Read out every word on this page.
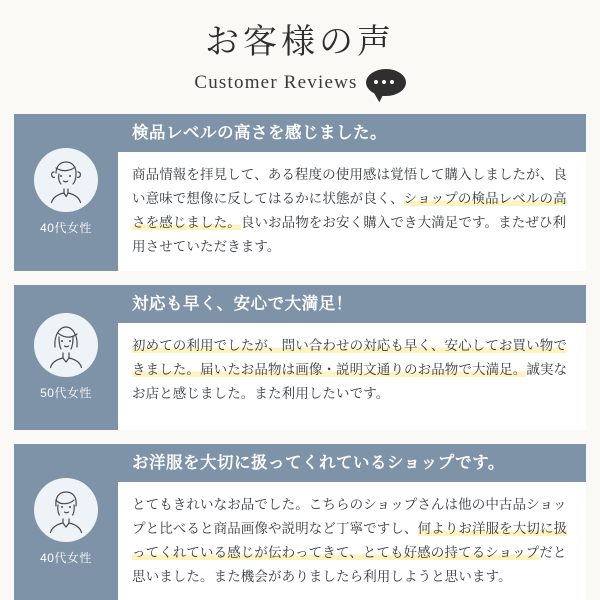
お客様の声
Customer Reviews
40代女性
検品レベルの高さを感じました。
商品情報を拝見して、ある程度の使用感は覚悟して購入しましたが、良い意味で想像に反してはるかに状態が良く、ショップの検品レベルの高さを感じました。良いお品物をお安く購入でき大満足です。またぜひ利用させていただきます。
50代女性
対応も早く、安心で大満足！
初めての利用でしたが、問い合わせの対応も早く、安心してお買い物できました。届いたお品物は画像・説明文通りのお品物で大満足。誠実なお店と感じました。また利用したいです。
40代女性
お洋服を大切に扱ってくれているショップです。
とてもきれいなお品でした。こちらのショップさんは他の中古品ショップと比べると商品画像や説明など丁寧ですし、何よりお洋服を大切に扱ってくれている感じが伝わってきて、とても好感の持てるショップだと思いました。また機会がありましたら利用しようと思います。
